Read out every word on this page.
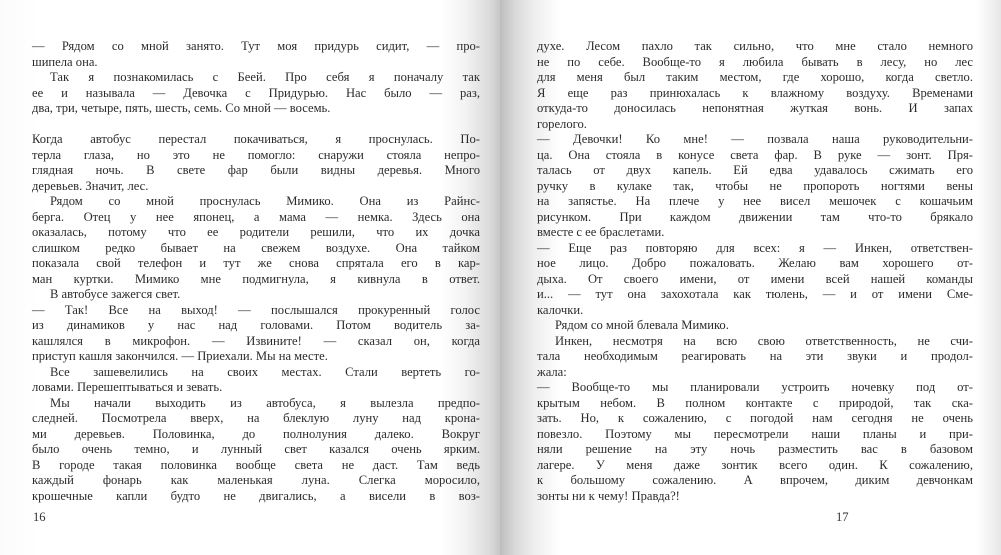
— Рядом со мной занято. Тут моя придурь сидит, — про-
шипела она.
Так я познакомилась с Беей. Про себя я поначалу так
ее и называла — Девочка с Придурью. Нас было — раз,
два, три, четыре, пять, шесть, семь. Со мной — восемь.
Когда автобус перестал покачиваться, я проснулась. По-
терла глаза, но это не помогло: снаружи стояла непро-
глядная ночь. В свете фар были видны деревья. Много
деревьев. Значит, лес.
Рядом со мной проснулась Мимико. Она из Райнс-
берга. Отец у нее японец, а мама — немка. Здесь она
оказалась, потому что ее родители решили, что их дочка
слишком редко бывает на свежем воздухе. Она тайком
показала свой телефон и тут же снова спрятала его в кар-
ман куртки. Мимико мне подмигнула, я кивнула в ответ.
В автобусе зажегся свет.
— Так! Все на выход! — послышался прокуренный голос
из динамиков у нас над головами. Потом водитель за-
кашлялся в микрофон. — Извините! — сказал он, когда
приступ кашля закончился. — Приехали. Мы на месте.
Все зашевелились на своих местах. Стали вертеть го-
ловами. Перешептываться и зевать.
Мы начали выходить из автобуса, я вылезла предпо-
следней. Посмотрела вверх, на блеклую луну над крона-
ми деревьев. Половинка, до полнолуния далеко. Вокруг
было очень темно, и лунный свет казался очень ярким.
В городе такая половинка вообще света не даст. Там ведь
каждый фонарь как маленькая луна. Слегка моросило,
крошечные капли будто не двигались, а висели в воз-
16
духе. Лесом пахло так сильно, что мне стало немного
не по себе. Вообще-то я любила бывать в лесу, но лес
для меня был таким местом, где хорошо, когда светло.
Я еще раз принюхалась к влажному воздуху. Временами
откуда-то доносилась непонятная жуткая вонь. И запах
горелого.
— Девочки! Ко мне! — позвала наша руководительни-
ца. Она стояла в конусе света фар. В руке — зонт. Пря-
талась от двух капель. Ей едва удавалось сжимать его
ручку в кулаке так, чтобы не пропороть ногтями вены
на запястье. На плече у нее висел мешочек с кошачьим
рисунком. При каждом движении там что-то брякало
вместе с ее браслетами.
— Еще раз повторяю для всех: я — Инкен, ответствен-
ное лицо. Добро пожаловать. Желаю вам хорошего от-
дыха. От своего имени, от имени всей нашей команды
и... — тут она захохотала как тюлень, — и от имени Сме-
калочки.
Рядом со мной блевала Мимико.
Инкен, несмотря на всю свою ответственность, не счи-
тала необходимым реагировать на эти звуки и продол-
жала:
— Вообще-то мы планировали устроить ночевку под от-
крытым небом. В полном контакте с природой, так ска-
зать. Но, к сожалению, с погодой нам сегодня не очень
повезло. Поэтому мы пересмотрели наши планы и при-
няли решение на эту ночь разместить вас в базовом
лагере. У меня даже зонтик всего один. К сожалению,
к большому сожалению. А впрочем, диким девчонкам
зонты ни к чему! Правда?!
17
